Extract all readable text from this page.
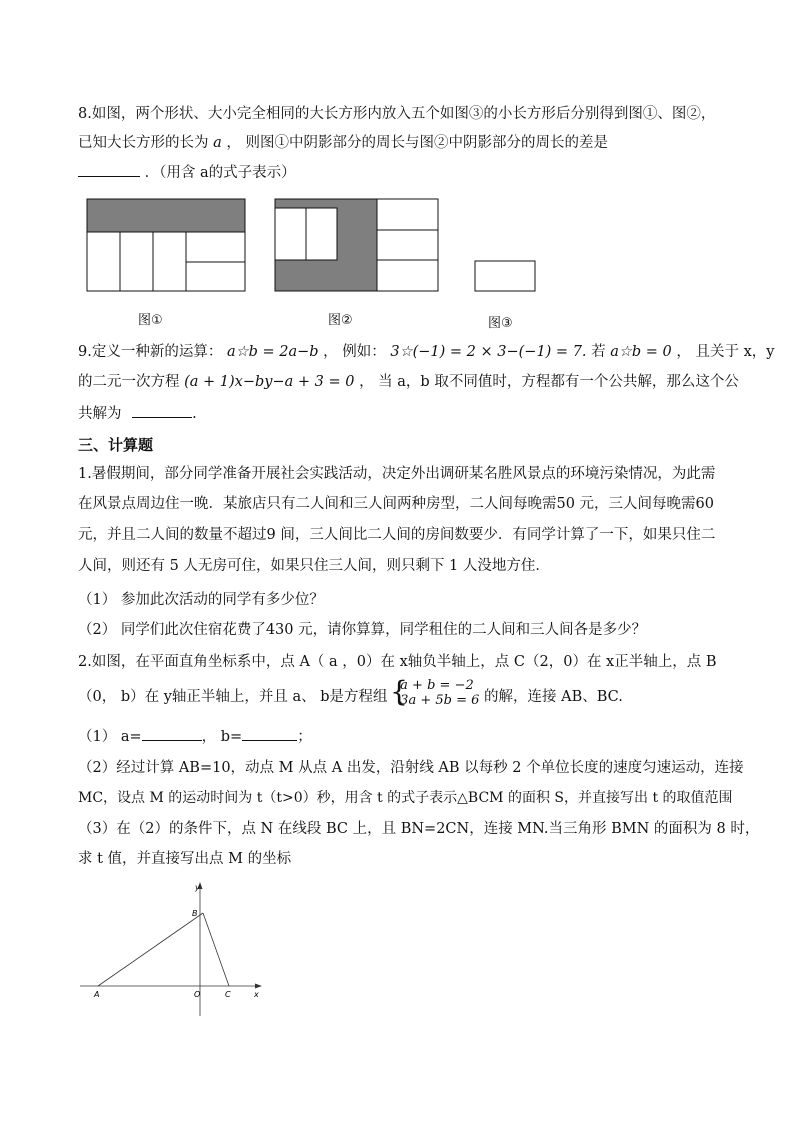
8.如图，两个形状、大小完全相同的大长方形内放入五个如图③的小长方形后分别得到图①、图②，
已知大长方形的长为 a ， 则图①中阴影部分的周长与图②中阴影部分的周长的差是
．（用含 a的式子表示）
图①	图②	图③
9.定义一种新的运算： a☆b = 2a−b ， 例如： 3☆(−1) = 2 × 3−(−1) = 7. 若 a☆b = 0 ， 且关于 x，y
的二元一次方程 (a + 1)x−by−a + 3 = 0 ， 当 a，b 取不同值时，方程都有一个公共解，那么这个公
共解为	.
三、计算题
1.暑假期间，部分同学准备开展社会实践活动，决定外出调研某名胜风景点的环境污染情况，为此需
在风景点周边住一晚．某旅店只有二人间和三人间两种房型，二人间每晚需50 元，三人间每晚需60
元，并且二人间的数量不超过9 间，三人间比二人间的房间数要少．有同学计算了一下，如果只住二
人间，则还有 5 人无房可住，如果只住三人间，则只剩下 1 人没地方住．
（1） 参加此次活动的同学有多少位？
（2） 同学们此次住宿花费了430 元，请你算算，同学租住的二人间和三人间各是多少？
2.如图，在平面直角坐标系中，点 A（ a ，0）在 x轴负半轴上，点 C（2，0）在 x正半轴上，点 B
（0， b）在 y轴正半轴上，并且 a、 b是方程组
{ a + b = −2
3a + 5b = 6 的解，连接 AB、BC.
（1） a=	， b=	；
（2）经过计算 AB=10，动点 M 从点 A 出发，沿射线 AB 以每秒 2 个单位长度的速度匀速运动，连接
MC，设点 M 的运动时间为 t（t>0）秒，用含 t 的式子表示△BCM 的面积 S，并直接写出 t 的取值范围
（3）在（2）的条件下，点 N 在线段 BC 上，且 BN=2CN，连接 MN.当三角形 BMN 的面积为 8 时，
求 t 值，并直接写出点 M 的坐标
y
x
B
A	O	C
